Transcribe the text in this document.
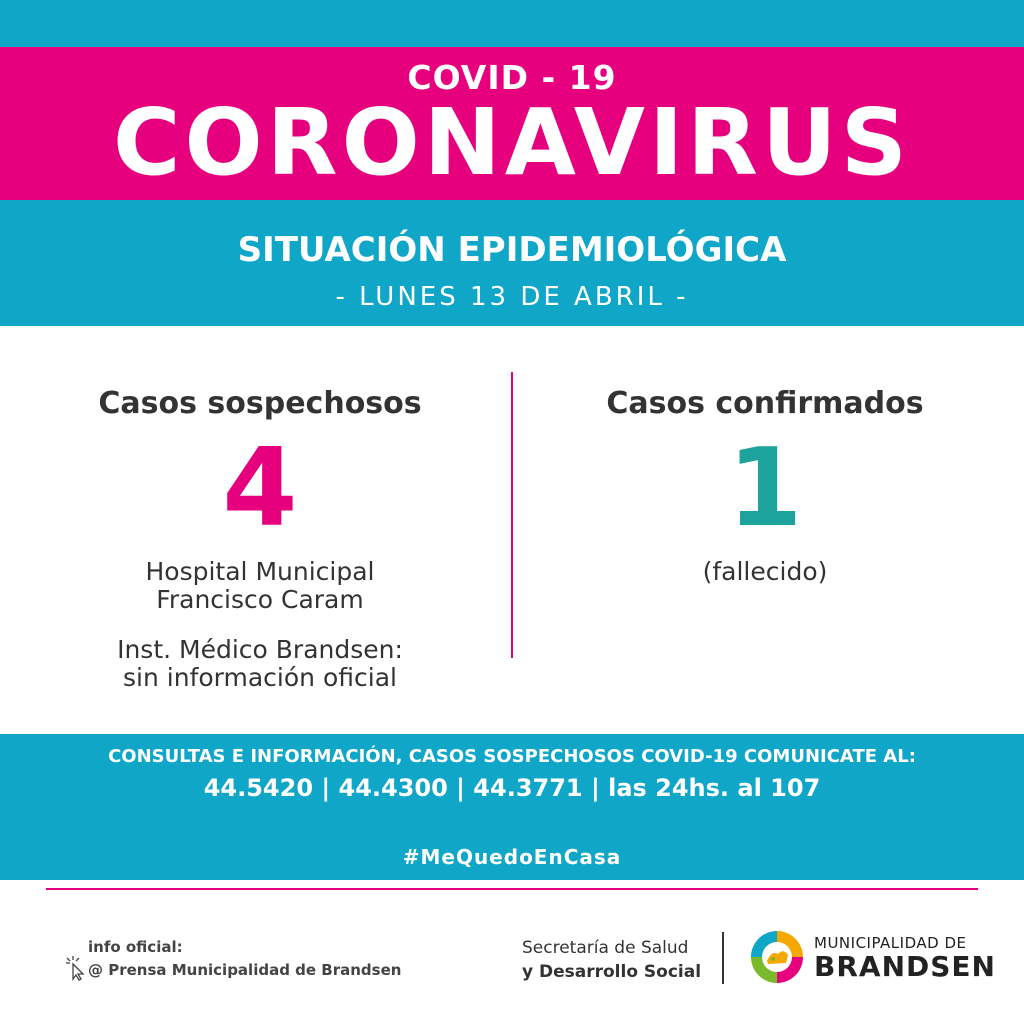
COVID - 19
CORONAVIRUS
SITUACIÓN EPIDEMIOLÓGICA
- LUNES 13 DE ABRIL -
Casos sospechosos
4
Hospital Municipal
Francisco Caram
Inst. Médico Brandsen:
sin información oficial
Casos confirmados
1
(fallecido)
CONSULTAS E INFORMACIÓN, CASOS SOSPECHOSOS COVID-19 COMUNICATE AL:
44.5420 | 44.4300 | 44.3771 | las 24hs. al 107
#MeQuedoEnCasa
info oficial:
@ Prensa Municipalidad de Brandsen
Secretaría de Salud
y Desarrollo Social
MUNICIPALIDAD DE
BRANDSEN
